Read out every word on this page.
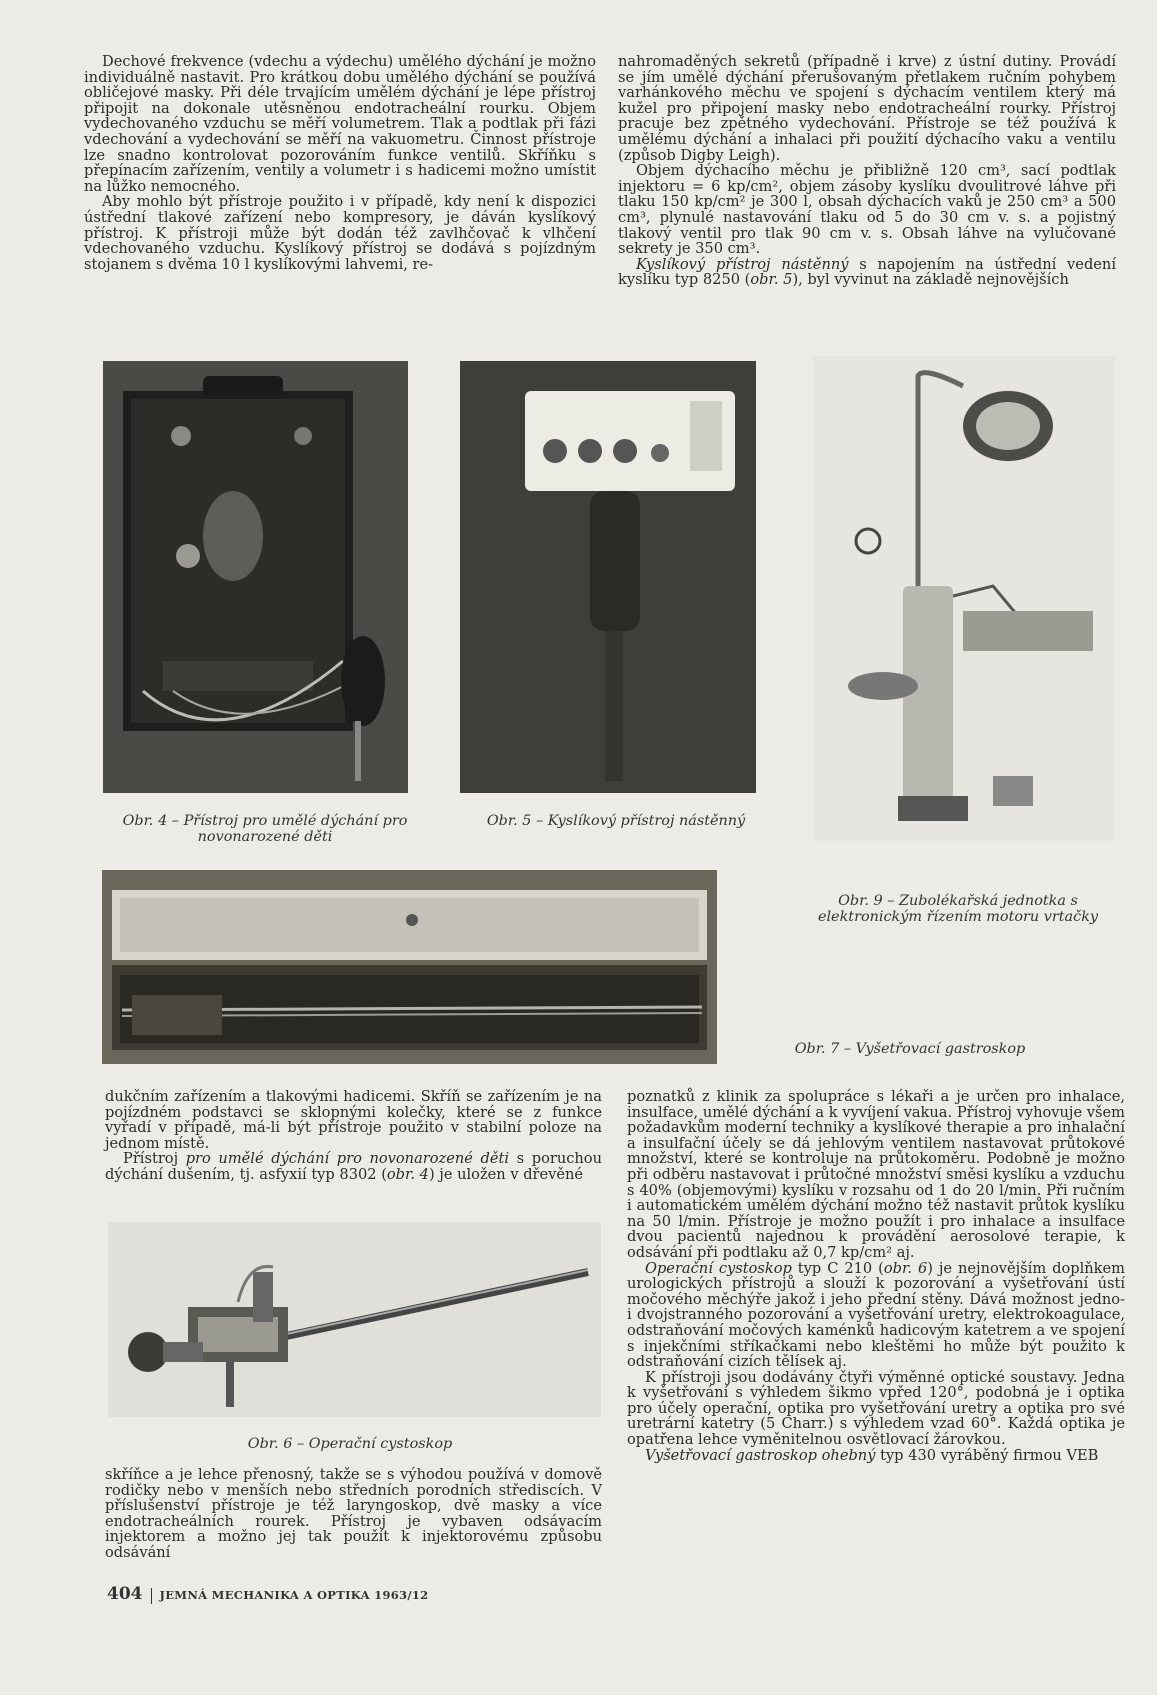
Dechové frekvence (vdechu a výdechu) umělého dýchání je možno individuálně nastavit. Pro krátkou dobu umělého dýchání se používá obličejové masky. Při déle trvajícím umělém dýchání je lépe přístroj připojit na dokonale utěsněnou endotracheální rourku. Objem vydechovaného vzduchu se měří volumetrem. Tlak a podtlak při fázi vdechování a vydechování se měří na vakuometru. Činnost přístroje lze snadno kontrolovat pozorováním funkce ventilů. Skříňku s přepínacím zařízením, ventily a volumetr i s hadicemi možno umístit na lůžko nemocného.

Aby mohlo být přístroje použito i v případě, kdy není k dispozici ústřední tlakové zařízení nebo kompresory, je dáván kyslíkový přístroj. K přístroji může být dodán též zavlhčovač k vlhčení vdechovaného vzduchu. Kyslíkový přístroj se dodává s pojízdným stojanem s dvěma 10 l kyslíkovými lahvemi, re-

nahromaděných sekretů (případně i krve) z ústní dutiny. Provádí se jím umělé dýchání přerušovaným přetlakem ručním pohybem varhánkového měchu ve spojení s dýchacím ventilem který má kužel pro připojení masky nebo endotracheální rourky. Přístroj pracuje bez zpětného vydechování. Přístroje se též používá k umělému dýchání a inhalaci při použití dýchacího vaku a ventilu (způsob Digby Leigh).

Objem dýchacího měchu je přibližně 120 cm³, sací podtlak injektoru = 6 kp/cm², objem zásoby kyslíku dvoulitrové láhve při tlaku 150 kp/cm² je 300 l, obsah dýchacích vaků je 250 cm³ a 500 cm³, plynulé nastavování tlaku od 5 do 30 cm v. s. a pojistný tlakový ventil pro tlak 90 cm v. s. Obsah láhve na vylučované sekrety je 350 cm³.

Kyslíkový přístroj nástěnný s napojením na ústřední vedení kyslíku typ 8250 (obr. 5), byl vyvinut na základě nejnovějších

Obr. 4 – Přístroj pro umělé dýchání pro novonarozené děti
Obr. 5 – Kyslíkový přístroj nástěnný
Obr. 9 – Zubolékařská jednotka s elektronickým řízením motoru vrtačky
Obr. 7 – Vyšetřovací gastroskop

dukčním zařízením a tlakovými hadicemi. Skříň se zařízením je na pojízdném podstavci se sklopnými kolečky, které se z funkce vyřadí v případě, má-li být přístroje použito v stabilní poloze na jednom místě.

Přístroj pro umělé dýchání pro novonarozené děti s poruchou dýchání dušením, tj. asfyxií typ 8302 (obr. 4) je uložen v dřevěné

Obr. 6 – Operační cystoskop

skříňce a je lehce přenosný, takže se s výhodou používá v domově rodičky nebo v menších nebo středních porodních střediscích. V příslušenství přístroje je též laryngoskop, dvě masky a více endotracheálních rourek. Přístroj je vybaven odsávacím injektorem a možno jej tak použít k injektorovému způsobu odsávání

poznatků z klinik za spolupráce s lékaři a je určen pro inhalace, insulface, umělé dýchání a k vyvíjení vakua. Přístroj vyhovuje všem požadavkům moderní techniky a kyslíkové therapie a pro inhalační a insulfační účely se dá jehlovým ventilem nastavovat průtokové množství, které se kontroluje na průtokoměru. Podobně je možno při odběru nastavovat i průtočné množství směsi kyslíku a vzduchu s 40% (objemovými) kyslíku v rozsahu od 1 do 20 l/min. Při ručním i automatickém umělém dýchání možno též nastavit průtok kyslíku na 50 l/min. Přístroje je možno použít i pro inhalace a insulface dvou pacientů najednou k provádění aerosolové terapie, k odsávání při podtlaku až 0,7 kp/cm² aj.

Operační cystoskop typ C 210 (obr. 6) je nejnovějším doplňkem urologických přístrojů a slouží k pozorování a vyšetřování ústí močového měchýře jakož i jeho přední stěny. Dává možnost jedno- i dvojstranného pozorování a vyšetřování uretry, elektrokoagulace, odstraňování močových kaménků hadicovým katetrem a ve spojení s injekčními stříkačkami nebo kleštěmi ho může být použito k odstraňování cizích tělísek aj.

K přístroji jsou dodávány čtyři výměnné optické soustavy. Jedna k vyšetřování s výhledem šikmo vpřed 120°, podobná je i optika pro účely operační, optika pro vyšetřování uretry a optika pro své uretrární katetry (5 Charr.) s výhledem vzad 60°. Každá optika je opatřena lehce vyměnitelnou osvětlovací žárovkou.

Vyšetřovací gastroskop ohebný typ 430 vyráběný firmou VEB

404 JEMNÁ MECHANIKA A OPTIKA 1963/12
